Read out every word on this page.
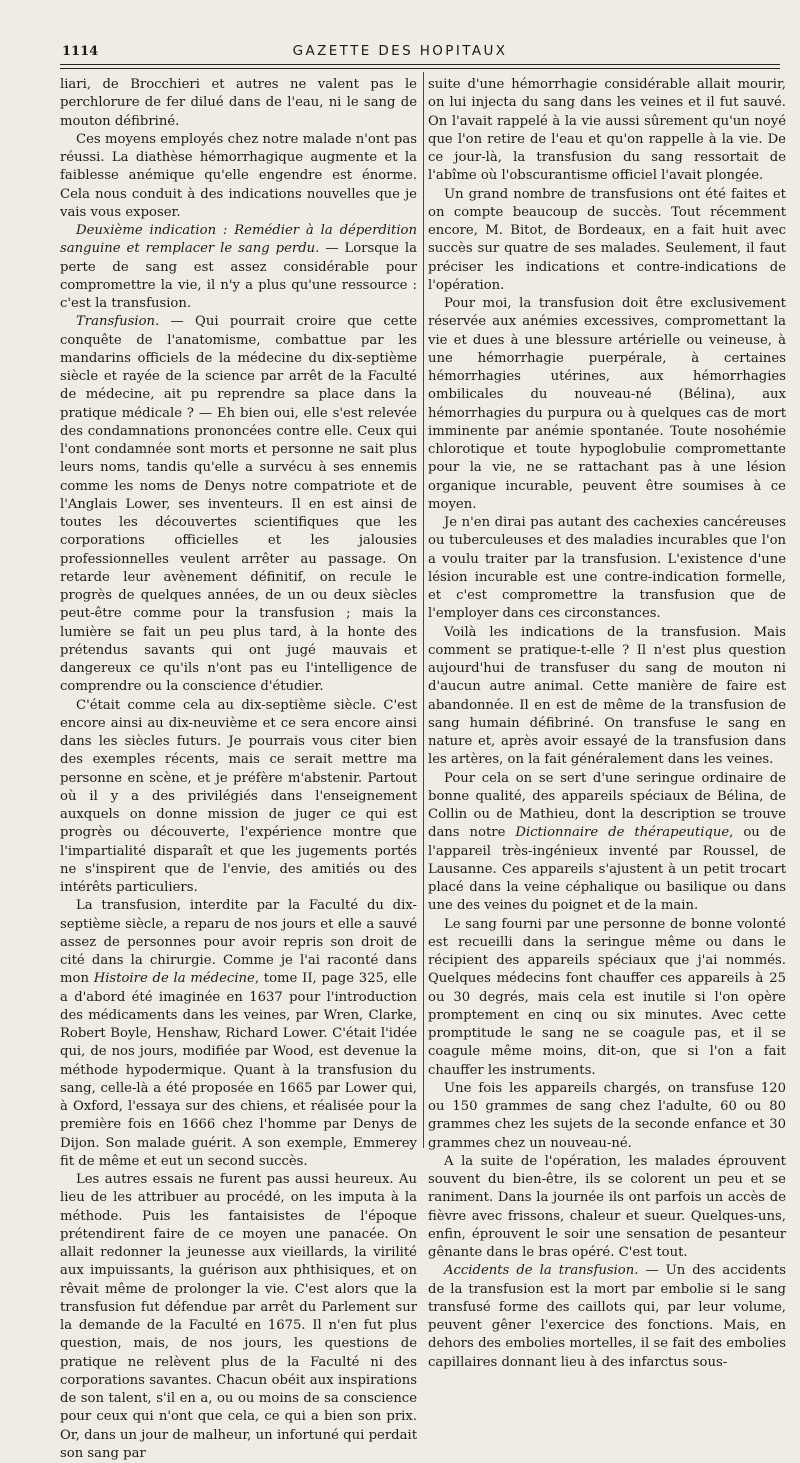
1114	GAZETTE DES HOPITAUX

liari, de Brocchieri et autres ne valent pas le perchlorure de fer dilué dans de l'eau, ni le sang de mouton défibriné.

Ces moyens employés chez notre malade n'ont pas réussi. La diathèse hémorrhagique augmente et la faiblesse anémique qu'elle engendre est énorme. Cela nous conduit à des indications nouvelles que je vais vous exposer.

Deuxième indication : Remédier à la déperdition sanguine et remplacer le sang perdu. — Lorsque la perte de sang est assez considérable pour compromettre la vie, il n'y a plus qu'une ressource : c'est la transfusion.

Transfusion. — Qui pourrait croire que cette conquête de l'anatomisme, combattue par les mandarins officiels de la médecine du dix-septième siècle et rayée de la science par arrêt de la Faculté de médecine, ait pu reprendre sa place dans la pratique médicale ? — Eh bien oui, elle s'est relevée des condamnations prononcées contre elle. Ceux qui l'ont condamnée sont morts et personne ne sait plus leurs noms, tandis qu'elle a survécu à ses ennemis comme les noms de Denys notre compatriote et de l'Anglais Lower, ses inventeurs. Il en est ainsi de toutes les découvertes scientifiques que les corporations officielles et les jalousies professionnelles veulent arrêter au passage. On retarde leur avènement définitif, on recule le progrès de quelques années, de un ou deux siècles peut-être comme pour la transfusion ; mais la lumière se fait un peu plus tard, à la honte des prétendus savants qui ont jugé mauvais et dangereux ce qu'ils n'ont pas eu l'intelligence de comprendre ou la conscience d'étudier.

C'était comme cela au dix-septième siècle. C'est encore ainsi au dix-neuvième et ce sera encore ainsi dans les siècles futurs. Je pourrais vous citer bien des exemples récents, mais ce serait mettre ma personne en scène, et je préfère m'abstenir. Partout où il y a des privilégiés dans l'enseignement auxquels on donne mission de juger ce qui est progrès ou découverte, l'expérience montre que l'impartialité disparaît et que les jugements portés ne s'inspirent que de l'envie, des amitiés ou des intérêts particuliers.

La transfusion, interdite par la Faculté du dix-septième siècle, a reparu de nos jours et elle a sauvé assez de personnes pour avoir repris son droit de cité dans la chirurgie. Comme je l'ai raconté dans mon Histoire de la médecine, tome II, page 325, elle a d'abord été imaginée en 1637 pour l'introduction des médicaments dans les veines, par Wren, Clarke, Robert Boyle, Henshaw, Richard Lower. C'était l'idée qui, de nos jours, modifiée par Wood, est devenue la méthode hypodermique. Quant à la transfusion du sang, celle-là a été proposée en 1665 par Lower qui, à Oxford, l'essaya sur des chiens, et réalisée pour la première fois en 1666 chez l'homme par Denys de Dijon. Son malade guérit. A son exemple, Emmerey fit de même et eut un second succès.

Les autres essais ne furent pas aussi heureux. Au lieu de les attribuer au procédé, on les imputa à la méthode. Puis les fantaisistes de l'époque prétendirent faire de ce moyen une panacée. On allait redonner la jeunesse aux vieillards, la virilité aux impuissants, la guérison aux phthisiques, et on rêvait même de prolonger la vie. C'est alors que la transfusion fut défendue par arrêt du Parlement sur la demande de la Faculté en 1675. Il n'en fut plus question, mais, de nos jours, les questions de pratique ne relèvent plus de la Faculté ni des corporations savantes. Chacun obéit aux inspirations de son talent, s'il en a, ou ou moins de sa conscience pour ceux qui n'ont que cela, ce qui a bien son prix. Or, dans un jour de malheur, un infortuné qui perdait son sang par

suite d'une hémorrhagie considérable allait mourir, on lui injecta du sang dans les veines et il fut sauvé. On l'avait rappelé à la vie aussi sûrement qu'un noyé que l'on retire de l'eau et qu'on rappelle à la vie. De ce jour-là, la transfusion du sang ressortait de l'abîme où l'obscurantisme officiel l'avait plongée.

Un grand nombre de transfusions ont été faites et on compte beaucoup de succès. Tout récemment encore, M. Bitot, de Bordeaux, en a fait huit avec succès sur quatre de ses malades. Seulement, il faut préciser les indications et contre-indications de l'opération.

Pour moi, la transfusion doit être exclusivement réservée aux anémies excessives, compromettant la vie et dues à une blessure artérielle ou veineuse, à une hémorrhagie puerpérale, à certaines hémorrhagies utérines, aux hémorrhagies ombilicales du nouveau-né (Bélina), aux hémorrhagies du purpura ou à quelques cas de mort imminente par anémie spontanée. Toute nosohémie chlorotique et toute hypoglobulie compromettante pour la vie, ne se rattachant pas à une lésion organique incurable, peuvent être soumises à ce moyen.

Je n'en dirai pas autant des cachexies cancéreuses ou tuberculeuses et des maladies incurables que l'on a voulu traiter par la transfusion. L'existence d'une lésion incurable est une contre-indication formelle, et c'est compromettre la transfusion que de l'employer dans ces circonstances.

Voilà les indications de la transfusion. Mais comment se pratique-t-elle ? Il n'est plus question aujourd'hui de transfuser du sang de mouton ni d'aucun autre animal. Cette manière de faire est abandonnée. Il en est de même de la transfusion de sang humain défibriné. On transfuse le sang en nature et, après avoir essayé de la transfusion dans les artères, on la fait généralement dans les veines.

Pour cela on se sert d'une seringue ordinaire de bonne qualité, des appareils spéciaux de Bélina, de Collin ou de Mathieu, dont la description se trouve dans notre Dictionnaire de thérapeutique, ou de l'appareil très-ingénieux inventé par Roussel, de Lausanne. Ces appareils s'ajustent à un petit trocart placé dans la veine céphalique ou basilique ou dans une des veines du poignet et de la main.

Le sang fourni par une personne de bonne volonté est recueilli dans la seringue même ou dans le récipient des appareils spéciaux que j'ai nommés. Quelques médecins font chauffer ces appareils à 25 ou 30 degrés, mais cela est inutile si l'on opère promptement en cinq ou six minutes. Avec cette promptitude le sang ne se coagule pas, et il se coagule même moins, dit-on, que si l'on a fait chauffer les instruments.

Une fois les appareils chargés, on transfuse 120 ou 150 grammes de sang chez l'adulte, 60 ou 80 grammes chez les sujets de la seconde enfance et 30 grammes chez un nouveau-né.

A la suite de l'opération, les malades éprouvent souvent du bien-être, ils se colorent un peu et se raniment. Dans la journée ils ont parfois un accès de fièvre avec frissons, chaleur et sueur. Quelques-uns, enfin, éprouvent le soir une sensation de pesanteur gênante dans le bras opéré. C'est tout.

Accidents de la transfusion. — Un des accidents de la transfusion est la mort par embolie si le sang transfusé forme des caillots qui, par leur volume, peuvent gêner l'exercice des fonctions. Mais, en dehors des embolies mortelles, il se fait des embolies capillaires donnant lieu à des infarctus sous-
